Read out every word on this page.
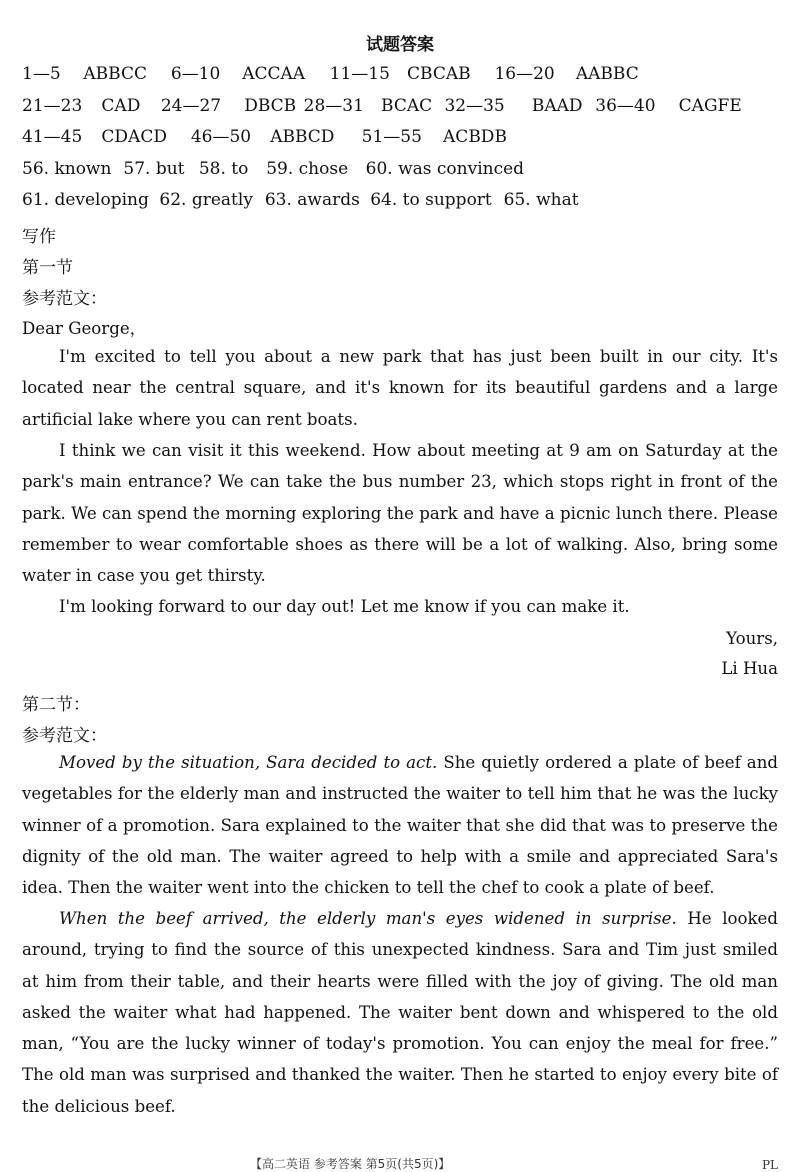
试题答案
1—5 ABBCC 6—10 ACCAA 11—15 CBCAB 16—20 AABBC
21—23 CAD 24—27 DBCB 28—31 BCAC 32—35 BAAD 36—40 CAGFE
41—45 CDACD 46—50 ABBCD 51—55 ACBDB
56. known 57. but 58. to 59. chose 60. was convinced
61. developing 62. greatly 63. awards 64. to support 65. what
写作
第一节
参考范文：
Dear George，

I'm excited to tell you about a new park that has just been built in our city. It's located near the central square, and it's known for its beautiful gardens and a large artificial lake where you can rent boats.

I think we can visit it this weekend. How about meeting at 9 am on Saturday at the park's main entrance? We can take the bus number 23, which stops right in front of the park. We can spend the morning exploring the park and have a picnic lunch there. Please remember to wear comfortable shoes as there will be a lot of walking. Also, bring some water in case you get thirsty.

I'm looking forward to our day out! Let me know if you can make it.

Yours,
Li Hua
第二节：
参考范文：

Moved by the situation, Sara decided to act. She quietly ordered a plate of beef and vegetables for the elderly man and instructed the waiter to tell him that he was the lucky winner of a promotion. Sara explained to the waiter that she did that was to preserve the dignity of the old man. The waiter agreed to help with a smile and appreciated Sara's idea. Then the waiter went into the chicken to tell the chef to cook a plate of beef.

When the beef arrived, the elderly man's eyes widened in surprise. He looked around, trying to find the source of this unexpected kindness. Sara and Tim just smiled at him from their table, and their hearts were filled with the joy of giving. The old man asked the waiter what had happened. The waiter bent down and whispered to the old man, “You are the lucky winner of today's promotion. You can enjoy the meal for free.” The old man was surprised and thanked the waiter. Then he started to enjoy every bite of the delicious beef.

【高二英语 参考答案 第5页(共5页)】	PL
